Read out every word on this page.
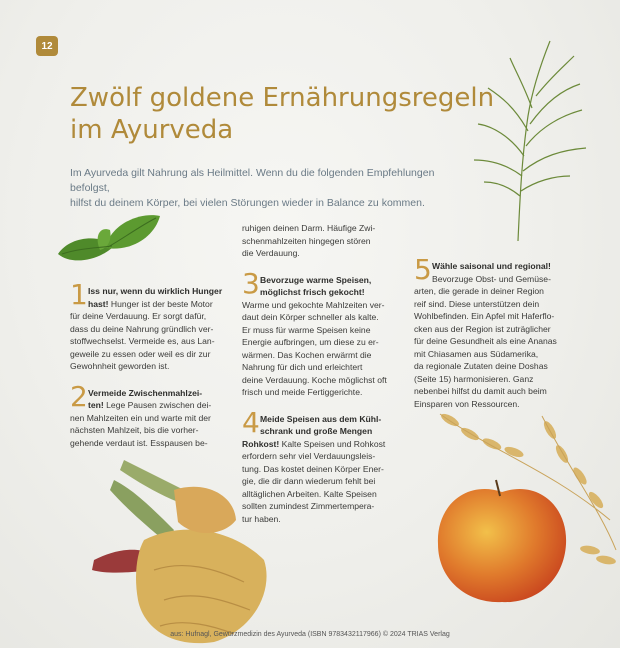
12
Zwölf goldene Ernährungsregeln
im Ayurveda

Im Ayurveda gilt Nahrung als Heilmittel. Wenn du die folgenden Empfehlungen befolgst,
hilfst du deinem Körper, bei vielen Störungen wieder in Balance zu kommen.

1 Iss nur, wenn du wirklich Hunger

hast! Hunger ist der beste Motor

für deine Verdauung. Er sorgt dafür,

dass du deine Nahrung gründlich ver-

stoffwechselst. Vermeide es, aus Lan-

geweile zu essen oder weil es dir zur

Gewohnheit geworden ist.

2 Vermeide Zwischenmahlzei-

ten! Lege Pausen zwischen dei-

nen Mahlzeiten ein und warte mit der

nächsten Mahlzeit, bis die vorher-

gehende verdaut ist. Esspausen be-

ruhigen deinen Darm. Häufige Zwi-

schenmahlzeiten hingegen stören

die Verdauung.

3 Bevorzuge warme Speisen,

möglichst frisch gekocht!

Warme und gekochte Mahlzeiten ver-

daut dein Körper schneller als kalte.

Er muss für warme Speisen keine

Energie aufbringen, um diese zu er-

wärmen. Das Kochen erwärmt die

Nahrung für dich und erleichtert

deine Verdauung. Koche möglichst oft

frisch und meide Fertiggerichte.

4 Meide Speisen aus dem Kühl-

schrank und große Mengen

Rohkost! Kalte Speisen und Rohkost

erfordern sehr viel Verdauungsleis-

tung. Das kostet deinen Körper Ener-

gie, die dir dann wiederum fehlt bei

alltäglichen Arbeiten. Kalte Speisen

sollten zumindest Zimmertempera-

tur haben.

5 Wähle saisonal und regional!

Bevorzuge Obst- und Gemüse-

arten, die gerade in deiner Region

reif sind. Diese unterstützen dein

Wohlbefinden. Ein Apfel mit Haferflo-

cken aus der Region ist zuträglicher

für deine Gesundheit als eine Ananas

mit Chiasamen aus Südamerika,

da regionale Zutaten deine Doshas

(Seite 15) harmonisieren. Ganz

nebenbei hilfst du damit auch beim

Einsparen von Ressourcen.

aus: Hufnagl, Gewürzmedizin des Ayurveda (ISBN 9783432117966) © 2024 TRIAS Verlag
